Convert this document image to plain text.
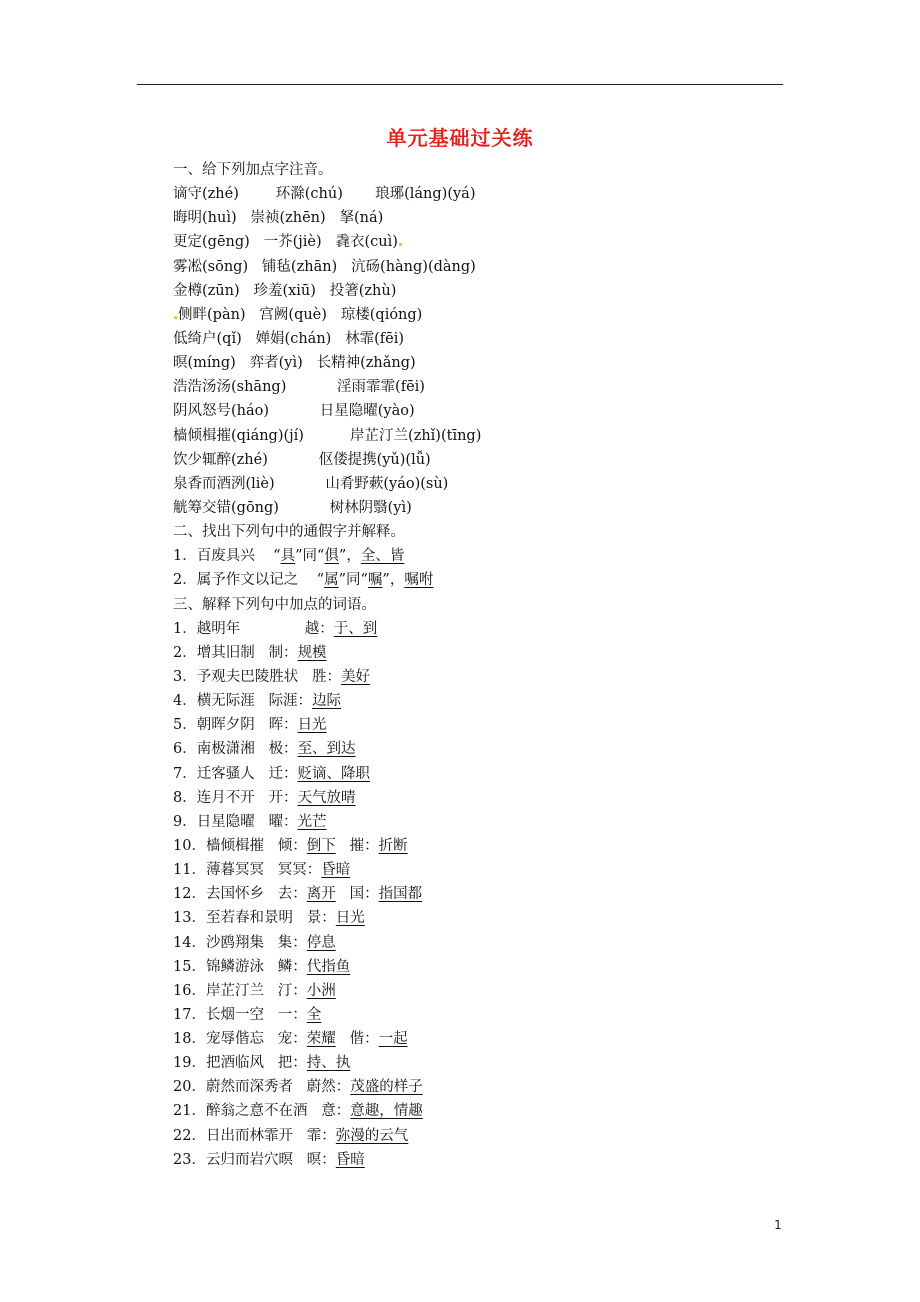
单元基础过关练
一、给下列加点字注音。
谪守(zhé)        环滁(chú)       琅琊(láng)(yá)
晦明(huì)   崇祯(zhēn)   拏(ná)
更定(gēng)   一芥(jiè)   毳衣(cuì)
雾凇(sōng)   铺毡(zhān)   沆砀(hàng)(dàng)
金樽(zūn)   珍羞(xiū)   投箸(zhù)
侧畔(pàn)   宫阙(què)   琼楼(qióng)
低绮户(qǐ)   婵娟(chán)   林霏(fēi)
暝(míng)   弈者(yì)   长精神(zhǎng)
浩浩汤汤(shāng)           淫雨霏霏(fēi)
阴风怒号(háo)           日星隐曜(yào)
樯倾楫摧(qiáng)(jí)          岸芷汀兰(zhǐ)(tīng)
饮少辄醉(zhé)           伛偻提携(yǔ)(lǚ)
泉香而酒洌(liè)           山肴野蔌(yáo)(sù)
觥筹交错(gōng)           树林阴翳(yì)
二、找出下列句中的通假字并解释。
1．百废具兴 “具”同“俱”，全、皆
2．属予作文以记之 “属”同“嘱”，嘱咐
三、解释下列句中加点的词语。
1．越明年	越：于、到
2．增其旧制 制：规模
3．予观夫巴陵胜状 胜：美好
4．横无际涯 际涯：边际
5．朝晖夕阴 晖：日光
6．南极潇湘 极：至、到达
7．迁客骚人 迁：贬谪、降职
8．连月不开 开：天气放晴
9．日星隐曜 曜：光芒
10．樯倾楫摧 倾：倒下 摧：折断
11．薄暮冥冥 冥冥：昏暗
12．去国怀乡 去：离开 国：指国都
13．至若春和景明 景：日光
14．沙鸥翔集 集：停息
15．锦鳞游泳 鳞：代指鱼
16．岸芷汀兰 汀：小洲
17．长烟一空 一：全
18．宠辱偕忘 宠：荣耀 偕：一起
19．把酒临风 把：持、执
20．蔚然而深秀者 蔚然：茂盛的样子
21．醉翁之意不在酒 意：意趣，情趣
22．日出而林霏开 霏：弥漫的云气
23．云归而岩穴暝 暝：昏暗
1
